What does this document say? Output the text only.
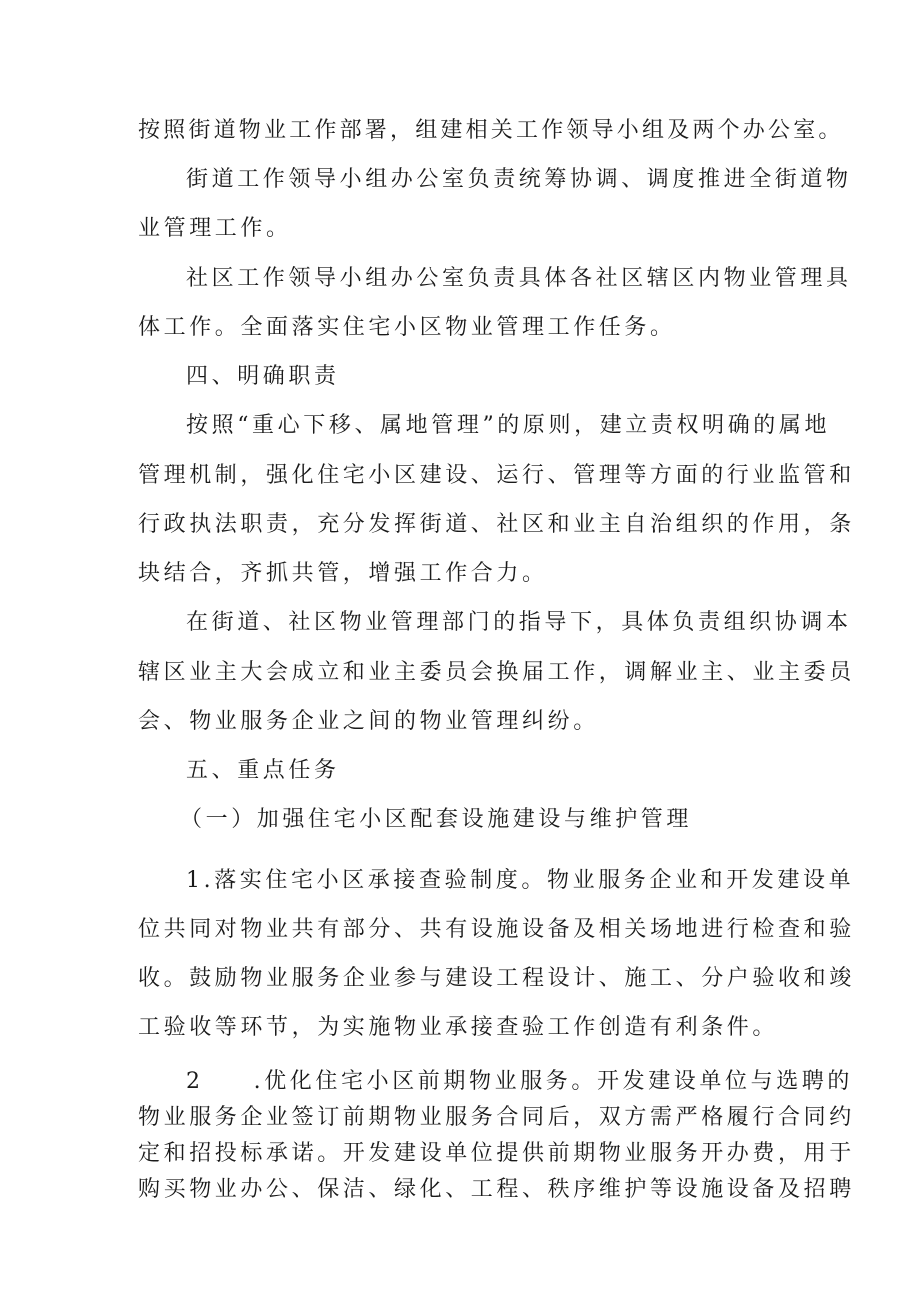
按照街道物业工作部署，组建相关工作领导小组及两个办公室。

街道工作领导小组办公室负责统筹协调、调度推进全街道物

业管理工作。

社区工作领导小组办公室负责具体各社区辖区内物业管理具

体工作。全面落实住宅小区物业管理工作任务。

四、明确职责

按照“重心下移、属地管理”的原则，建立责权明确的属地

管理机制，强化住宅小区建设、运行、管理等方面的行业监管和

行政执法职责，充分发挥街道、社区和业主自治组织的作用，条

块结合，齐抓共管，增强工作合力。

在街道、社区物业管理部门的指导下，具体负责组织协调本

辖区业主大会成立和业主委员会换届工作，调解业主、业主委员

会、物业服务企业之间的物业管理纠纷。

五、重点任务

（一）加强住宅小区配套设施建设与维护管理

1.落实住宅小区承接查验制度。物业服务企业和开发建设单

位共同对物业共有部分、共有设施设备及相关场地进行检查和验

收。鼓励物业服务企业参与建设工程设计、施工、分户验收和竣

工验收等环节，为实施物业承接查验工作创造有利条件。

2 .优化住宅小区前期物业服务。开发建设单位与选聘的

物业服务企业签订前期物业服务合同后，双方需严格履行合同约

定和招投标承诺。开发建设单位提供前期物业服务开办费，用于

购买物业办公、保洁、绿化、工程、秩序维护等设施设备及招聘
